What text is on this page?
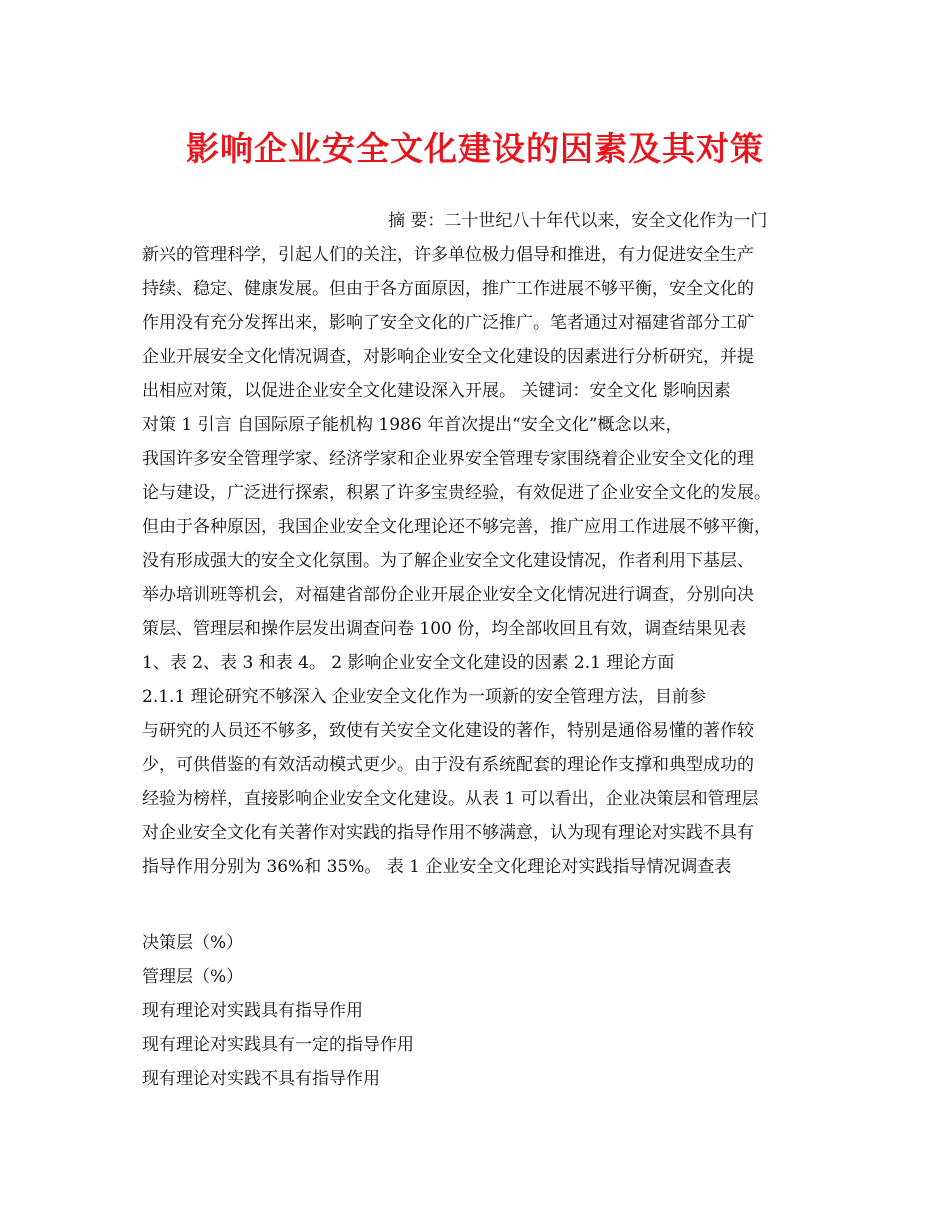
影响企业安全文化建设的因素及其对策
摘 要：二十世纪八十年代以来，安全文化作为一门
新兴的管理科学，引起人们的关注，许多单位极力倡导和推进，有力促进安全生产
持续、稳定、健康发展。但由于各方面原因，推广工作进展不够平衡，安全文化的
作用没有充分发挥出来，影响了安全文化的广泛推广。笔者通过对福建省部分工矿
企业开展安全文化情况调查，对影响企业安全文化建设的因素进行分析研究，并提
出相应对策，以促进企业安全文化建设深入开展。 关键词：安全文化 影响因素
对策 1 引言 自国际原子能机构 1986 年首次提出“安全文化”概念以来，
我国许多安全管理学家、经济学家和企业界安全管理专家围绕着企业安全文化的理
论与建设，广泛进行探索，积累了许多宝贵经验，有效促进了企业安全文化的发展。
但由于各种原因，我国企业安全文化理论还不够完善，推广应用工作进展不够平衡，
没有形成强大的安全文化氛围。为了解企业安全文化建设情况，作者利用下基层、
举办培训班等机会，对福建省部份企业开展企业安全文化情况进行调查，分别向决
策层、管理层和操作层发出调查问卷 100 份，均全部收回且有效，调查结果见表
1、表 2、表 3 和表 4。 2 影响企业安全文化建设的因素 2.1 理论方面
2.1.1 理论研究不够深入 企业安全文化作为一项新的安全管理方法，目前参
与研究的人员还不够多，致使有关安全文化建设的著作，特别是通俗易懂的著作较
少，可供借鉴的有效活动模式更少。由于没有系统配套的理论作支撑和典型成功的
经验为榜样，直接影响企业安全文化建设。从表 1 可以看出，企业决策层和管理层
对企业安全文化有关著作对实践的指导作用不够满意，认为现有理论对实践不具有
指导作用分别为 36%和 35%。 表 1 企业安全文化理论对实践指导情况调查表
决策层（%）
管理层（%）
现有理论对实践具有指导作用
现有理论对实践具有一定的指导作用
现有理论对实践不具有指导作用
